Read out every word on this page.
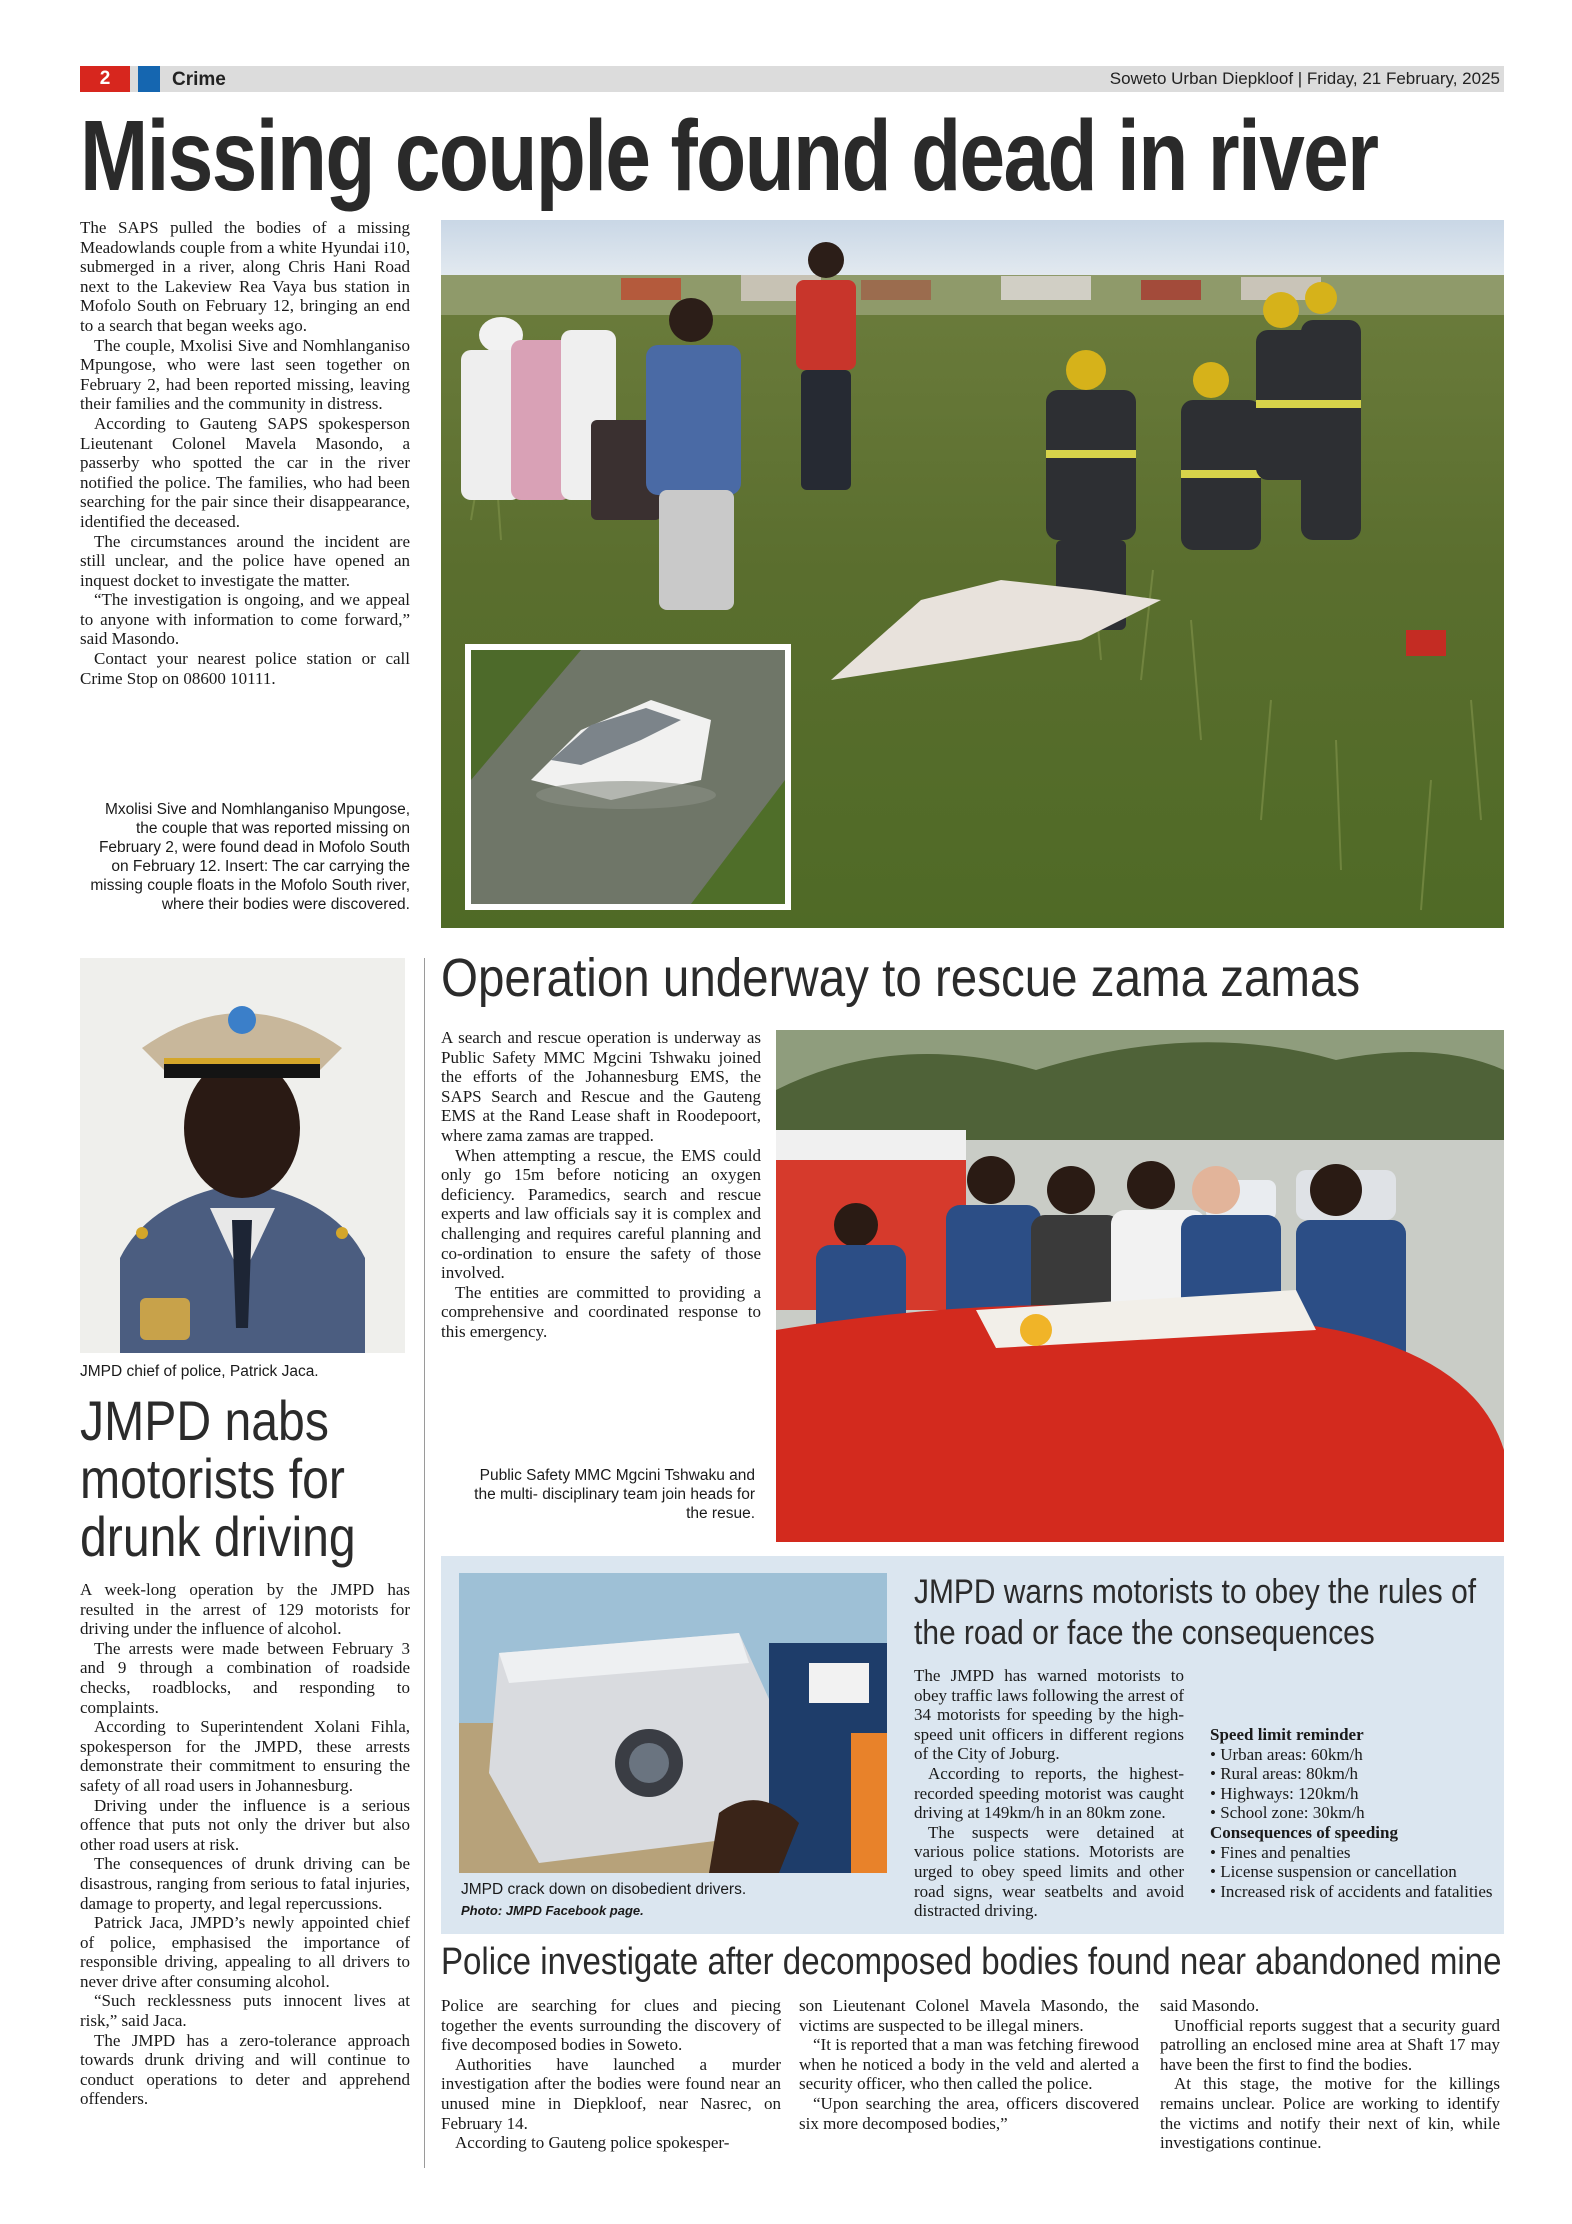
2	Crime	Soweto Urban Diepkloof | Friday, 21 February, 2025
Missing couple found dead in river

The SAPS pulled the bodies of a missing Meadowlands couple from a white Hyundai i10, submerged in a river, along Chris Hani Road next to the Lakeview Rea Vaya bus station in Mofolo South on February 12, bringing an end to a search that began weeks ago.

The couple, Mxolisi Sive and Nomhlanganiso Mpungose, who were last seen together on February 2, had been reported missing, leaving their families and the community in distress.

According to Gauteng SAPS spokesperson Lieutenant Colonel Mavela Masondo, a passerby who spotted the car in the river notified the police. The families, who had been searching for the pair since their disappearance, identified the deceased.

The circumstances around the incident are still unclear, and the police have opened an inquest docket to investigate the matter.

“The investigation is ongoing, and we appeal to anyone with information to come forward,” said Masondo.

Contact your nearest police station or call Crime Stop on 08600 10111.

Mxolisi Sive and Nomhlanganiso Mpungose, the couple that was reported missing on February 2, were found dead in Mofolo South on February 12. Insert: The car carrying the missing couple floats in the Mofolo South river, where their bodies were discovered.
JMPD chief of police, Patrick Jaca.
JMPD nabs motorists for drunk driving

A week-long operation by the JMPD has resulted in the arrest of 129 motorists for driving under the influence of alcohol.

The arrests were made between February 3 and 9 through a combination of roadside checks, roadblocks, and responding to complaints.

According to Superintendent Xolani Fihla, spokesperson for the JMPD, these arrests demonstrate their commitment to ensuring the safety of all road users in Johannesburg.

Driving under the influence is a serious offence that puts not only the driver but also other road users at risk.

The consequences of drunk driving can be disastrous, ranging from serious to fatal injuries, damage to property, and legal repercussions.

Patrick Jaca, JMPD’s newly appointed chief of police, emphasised the importance of responsible driving, appealing to all drivers to never drive after consuming alcohol.

“Such recklessness puts innocent lives at risk,” said Jaca.

The JMPD has a zero-tolerance approach towards drunk driving and will continue to conduct operations to deter and apprehend offenders.

Operation underway to rescue zama zamas

A search and rescue operation is underway as Public Safety MMC Mgcini Tshwaku joined the efforts of the Johannesburg EMS, the SAPS Search and Rescue and the Gauteng EMS at the Rand Lease shaft in Roodepoort, where zama zamas are trapped.

When attempting a rescue, the EMS could only go 15m before noticing an oxygen deficiency. Paramedics, search and rescue experts and law officials say it is complex and challenging and requires careful planning and co-ordination to ensure the safety of those involved.

The entities are committed to providing a comprehensive and coordinated response to this emergency.

Public Safety MMC Mgcini Tshwaku and the multi- disciplinary team join heads for the resue.
JMPD crack down on disobedient drivers.
Photo: JMPD Facebook page.
JMPD warns motorists to obey the rules of the road or face the consequences

The JMPD has warned motorists to obey traffic laws following the arrest of 34 motorists for speeding by the high-speed unit officers in different regions of the City of Joburg.

According to reports, the highest-recorded speeding motorist was caught driving at 149km/h in an 80km zone.

The suspects were detained at various police stations. Motorists are urged to obey speed limits and other road signs, wear seatbelts and avoid distracted driving.

Speed limit reminder
• Urban areas: 60km/h
• Rural areas: 80km/h
• Highways: 120km/h
• School zone: 30km/h
Consequences of speeding
• Fines and penalties
• License suspension or cancellation
• Increased risk of accidents and fatalities
Police investigate after decomposed bodies found near abandoned mine

Police are searching for clues and piecing together the events surrounding the discovery of five decomposed bodies in Soweto.

Authorities have launched a murder investigation after the bodies were found near an unused mine in Diepkloof, near Nasrec, on February 14.

According to Gauteng police spokesper-

son Lieutenant Colonel Mavela Masondo, the victims are suspected to be illegal miners.

“It is reported that a man was fetching firewood when he noticed a body in the veld and alerted a security officer, who then called the police.

“Upon searching the area, officers discovered six more decomposed bodies,”

said Masondo.

Unofficial reports suggest that a security guard patrolling an enclosed mine area at Shaft 17 may have been the first to find the bodies.

At this stage, the motive for the killings remains unclear. Police are working to identify the victims and notify their next of kin, while investigations continue.
